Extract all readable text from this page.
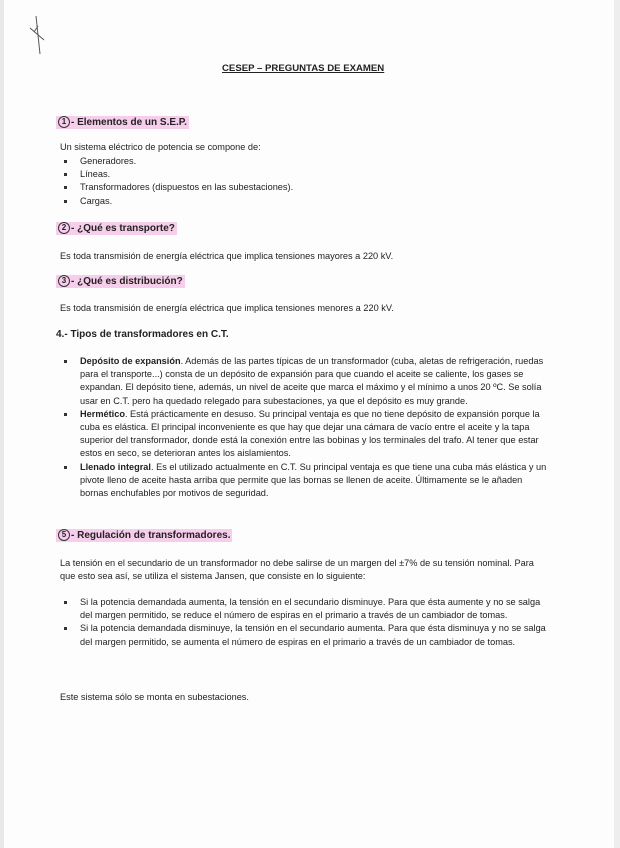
CESEP – PREGUNTAS DE EXAMEN
1 - Elementos de un S.E.P.
Un sistema eléctrico de potencia se compone de:
Generadores.
Líneas.
Transformadores (dispuestos en las subestaciones).
Cargas.
2 - ¿Qué es transporte?
Es toda transmisión de energía eléctrica que implica tensiones mayores a 220 kV.
3 - ¿Qué es distribución?
Es toda transmisión de energía eléctrica que implica tensiones menores a 220 kV.
4.- Tipos de transformadores en C.T.
Depósito de expansión. Además de las partes típicas de un transformador (cuba, aletas de refrigeración, ruedas para el transporte...) consta de un depósito de expansión para que cuando el aceite se caliente, los gases se expandan. El depósito tiene, además, un nivel de aceite que marca el máximo y el mínimo a unos 20 ºC. Se solía usar en C.T. pero ha quedado relegado para subestaciones, ya que el depósito es muy grande.
Hermético. Está prácticamente en desuso. Su principal ventaja es que no tiene depósito de expansión porque la cuba es elástica. El principal inconveniente es que hay que dejar una cámara de vacío entre el aceite y la tapa superior del transformador, donde está la conexión entre las bobinas y los terminales del trafo. Al tener que estar estos en seco, se deterioran antes los aislamientos.
Llenado integral. Es el utilizado actualmente en C.T. Su principal ventaja es que tiene una cuba más elástica y un pivote lleno de aceite hasta arriba que permite que las bornas se llenen de aceite. Últimamente se le añaden bornas enchufables por motivos de seguridad.
5 - Regulación de transformadores.
La tensión en el secundario de un transformador no debe salirse de un margen del ±7% de su tensión nominal. Para que esto sea así, se utiliza el sistema Jansen, que consiste en lo siguiente:
Si la potencia demandada aumenta, la tensión en el secundario disminuye. Para que ésta aumente y no se salga del margen permitido, se reduce el número de espiras en el primario a través de un cambiador de tomas.
Si la potencia demandada disminuye, la tensión en el secundario aumenta. Para que ésta disminuya y no se salga del margen permitido, se aumenta el número de espiras en el primario a través de un cambiador de tomas.
Este sistema sólo se monta en subestaciones.
